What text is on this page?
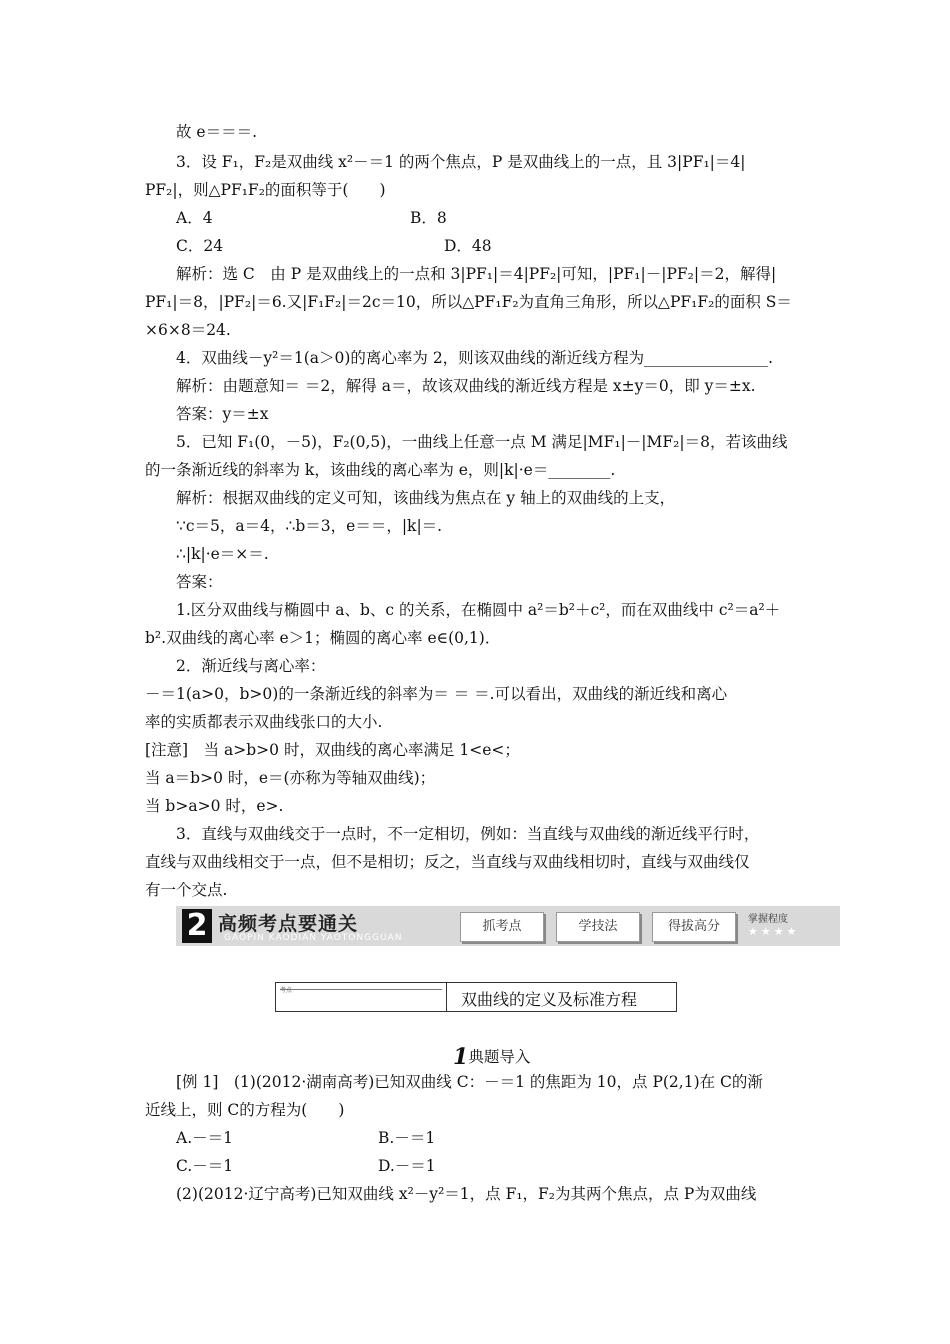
故 e＝＝＝.
3．设 F₁，F₂是双曲线 x²－＝1 的两个焦点，P 是双曲线上的一点，且 3|PF₁|＝4|
PF₂|，则△PF₁F₂的面积等于(　　)
A．4	B．8
C．24	D．48
解析：选 C　由 P 是双曲线上的一点和 3|PF₁|＝4|PF₂|可知，|PF₁|－|PF₂|＝2，解得|
PF₁|＝8，|PF₂|＝6.又|F₁F₂|＝2c＝10，所以△PF₁F₂为直角三角形，所以△PF₁F₂的面积 S＝
×6×8＝24.
4．双曲线－y²＝1(a＞0)的离心率为 2，则该双曲线的渐近线方程为________________.
解析：由题意知＝ ＝2，解得 a＝，故该双曲线的渐近线方程是 x±y＝0，即 y＝±x.
答案：y＝±x
5．已知 F₁(0，－5)，F₂(0,5)，一曲线上任意一点 M 满足|MF₁|－|MF₂|＝8，若该曲线
的一条渐近线的斜率为 k，该曲线的离心率为 e，则|k|·e＝________.
解析：根据双曲线的定义可知，该曲线为焦点在 y 轴上的双曲线的上支，
∵c＝5，a＝4，∴b＝3，e＝＝，|k|＝.
∴|k|·e＝×＝.
答案：
1.区分双曲线与椭圆中 a、b、c 的关系，在椭圆中 a²＝b²＋c²，而在双曲线中 c²＝a²＋
b².双曲线的离心率 e＞1；椭圆的离心率 e∈(0,1)．
2．渐近线与离心率：
－＝1(a>0，b>0)的一条渐近线的斜率为＝ ＝ ＝.可以看出，双曲线的渐近线和离心
率的实质都表示双曲线张口的大小.
[注意]　当 a>b>0 时，双曲线的离心率满足 1<e<；
当 a＝b>0 时，e＝(亦称为等轴双曲线)；
当 b>a>0 时，e>.
3．直线与双曲线交于一点时，不一定相切，例如：当直线与双曲线的渐近线平行时，
直线与双曲线相交于一点，但不是相切；反之，当直线与双曲线相切时，直线与双曲线仅
有一个交点.
2 高频考点要通关
GAOPIN KAODIAN YAOTONGGUAN
抓考点	学技法	得拔高分	掌握程度
★★★★
考点一	双曲线的定义及标准方程
1典题导入
[例 1]　(1)(2012·湖南高考)已知双曲线 C：－＝1 的焦距为 10，点 P(2,1)在 C的渐
近线上，则 C的方程为(　　)
A.－＝1	B.－＝1
C.－＝1	D.－＝1
(2)(2012·辽宁高考)已知双曲线 x²－y²＝1，点 F₁，F₂为其两个焦点，点 P为双曲线
